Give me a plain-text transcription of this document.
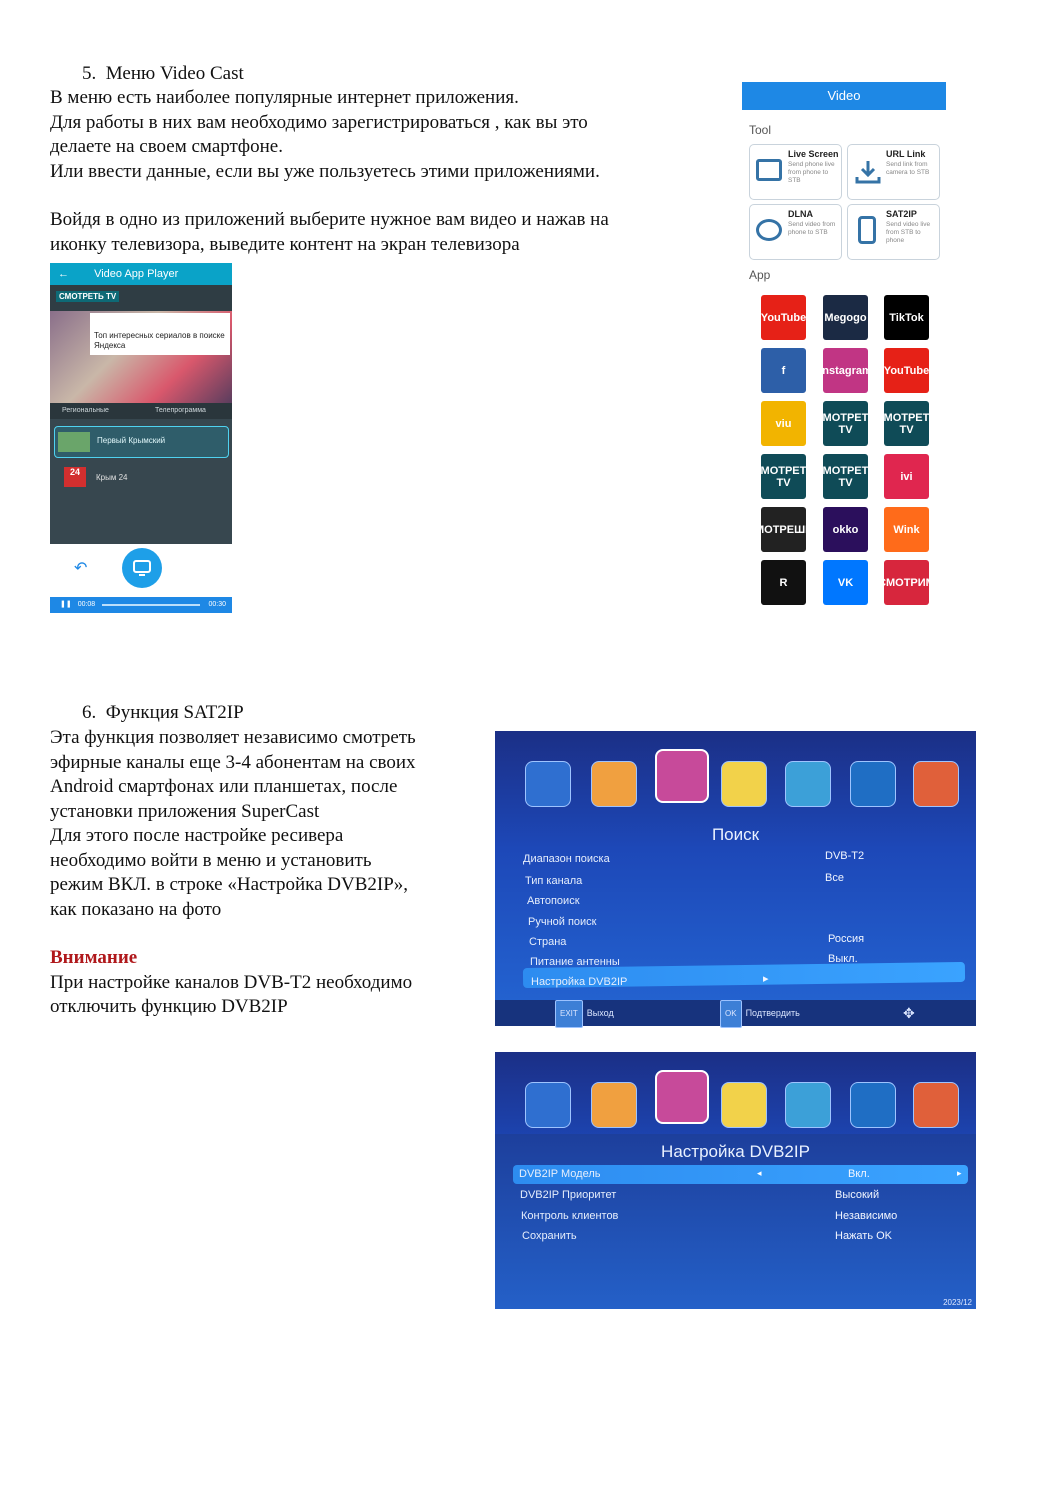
5. Меню Video Cast
В меню есть наиболее популярные интернет приложения.
Для работы в них вам необходимо зарегистрироваться , как вы это
делаете на своем смартфоне.
Или ввести данные, если вы уже пользуетесь этими приложениями.
Войдя в одно из приложений выберите нужное вам видео и нажав на
иконку телевизора, выведите контент на экран телевизора
Video
Tool
Live Screen
Send phone live from phone to STB
URL Link
Send link from camera to STB
DLNA
Send video from phone to STB
SAT2IP
Send video live from STB to phone
App
YouTube Megogo	TikTok
f	Instagram YouTube
viu	СМОТРЕТЬ TV
СМОТРЕТЬ TV
СМОТРЕТЬ TV
СМОТРЕТЬ TV	ivi
СМОТРЕШКА	okko	Wink
R	VK	СМОТРИМ
← Video App Player
СМОТРЕТЬ TV
Топ интересных сериалов в поиске Яндекса
Региональные	Телепрограмма
Первый Крымский
24
Крым 24
↶
❚❚ 00:08	00:30
6. Функция SAT2IP
Эта функция позволяет независимо смотреть
эфирные каналы еще 3-4 абонентам на своих
Android смартфонах или планшетах, после
установки приложения SuperCast
Для этого после настройке ресивера
необходимо войти в меню и установить
режим ВКЛ. в строке «Настройка DVB2IP»,
как показано на фото
Внимание
При настройке каналов DVB-T2 необходимо
отключить функцию DVB2IP
Поиск
EXIT Выход	OK Подтвердить	✥
Диапазон поиска	DVB-T2
Тип канала	Все
Автопоиск
Ручной поиск
Страна	Россия
Питание антенны	Выкл.
Настройка DVB2IP	▸
Настройка DVB2IP
◂	▸
2023/12
DVB2IP Модель	Вкл.
DVB2IP Приоритет	Высокий
Контроль клиентов	Независимо
Сохранить	Нажать OK
